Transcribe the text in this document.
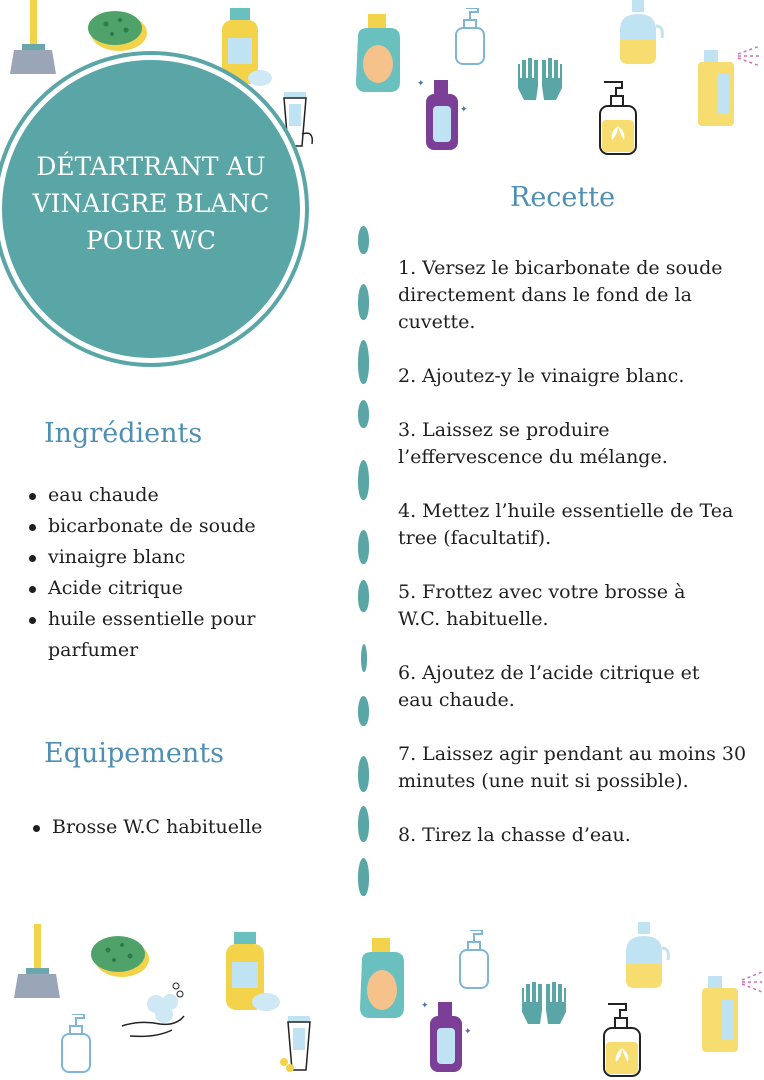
✦
✦
DÉTARTRANT AU VINAIGRE BLANC POUR WC
Ingrédients
eau chaude
bicarbonate de soude
vinaigre blanc
Acide citrique
huile essentielle pour parfumer
Equipements
Brosse W.C habituelle
Recette
1. Versez le bicarbonate de soude directement dans le fond de la cuvette.
2. Ajoutez-y le vinaigre blanc.
3. Laissez se produire l’effervescence du mélange.
4. Mettez l’huile essentielle de Tea tree (facultatif).
5. Frottez avec votre brosse à W.C. habituelle.
6. Ajoutez de l’acide citrique et eau chaude.
7. Laissez agir pendant au moins 30 minutes (une nuit si possible).
8. Tirez la chasse d’eau.
✦
✦
